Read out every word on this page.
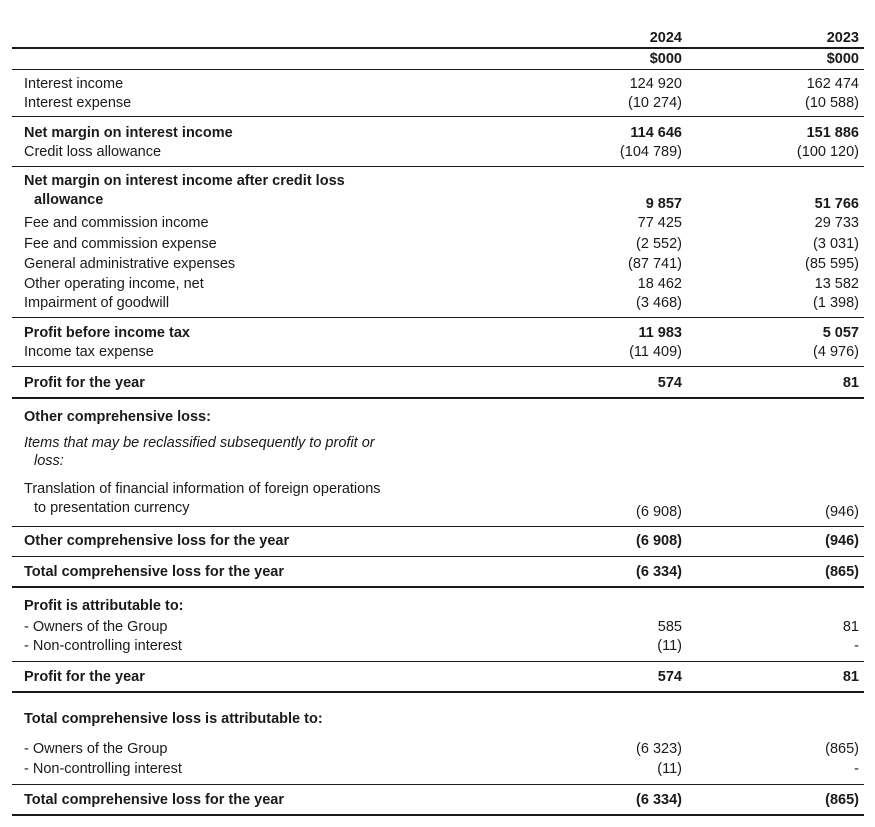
2024	2023
$000	$000
Interest income	124 920	162 474
Interest expense	(10 274)	(10 588)
Net margin on interest income	114 646	151 886
Credit loss allowance	(104 789)	(100 120)
Net margin on interest income after credit loss
allowance	9 857	51 766
Fee and commission income	77 425	29 733
Fee and commission expense	(2 552)	(3 031)
General administrative expenses	(87 741)	(85 595)
Other operating income, net	18 462	13 582
Impairment of goodwill	(3 468)	(1 398)
Profit before income tax	11 983	5 057
Income tax expense	(11 409)	(4 976)
Profit for the year	574	81
Other comprehensive loss:
Items that may be reclassified subsequently to profit or
loss:
Translation of financial information of foreign operations
to presentation currency	(6 908)	(946)
Other comprehensive loss for the year	(6 908)	(946)
Total comprehensive loss for the year	(6 334)	(865)
Profit is attributable to:
- Owners of the Group	585	81
- Non-controlling interest	(11)	-
Profit for the year	574	81
Total comprehensive loss is attributable to:
- Owners of the Group	(6 323)	(865)
- Non-controlling interest	(11)	-
Total comprehensive loss for the year	(6 334)	(865)
